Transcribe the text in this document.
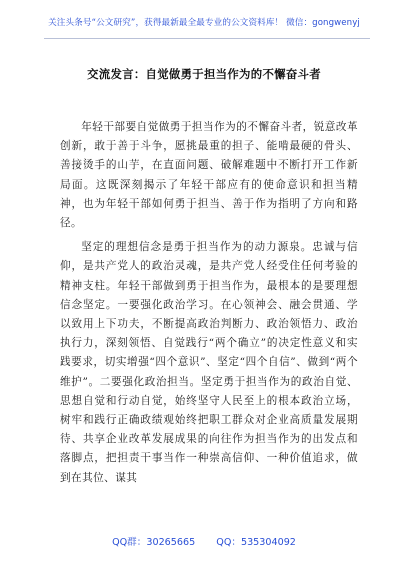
关注头条号“公文研究”，获得最新最全最专业的公文资料库！ 微信：gongwenyj
交流发言：自觉做勇于担当作为的不懈奋斗者

年轻干部要自觉做勇于担当作为的不懈奋斗者，锐意改革创新，敢于善于斗争，愿挑最重的担子、能啃最硬的骨头、善接烫手的山芋，在直面问题、破解难题中不断打开工作新局面。这既深刻揭示了年轻干部应有的使命意识和担当精神，也为年轻干部如何勇于担当、善于作为指明了方向和路径。

坚定的理想信念是勇于担当作为的动力源泉。忠诚与信仰，是共产党人的政治灵魂，是共产党人经受住任何考验的精神支柱。年轻干部做到勇于担当作为，最根本的是要理想信念坚定。一要强化政治学习。在心领神会、融会贯通、学以致用上下功夫，不断提高政治判断力、政治领悟力、政治执行力，深刻领悟、自觉践行“两个确立”的决定性意义和实践要求，切实增强“四个意识”、坚定“四个自信”、做到“两个维护”。二要强化政治担当。坚定勇于担当作为的政治自觉、思想自觉和行动自觉，始终坚守人民至上的根本政治立场，树牢和践行正确政绩观始终把职工群众对企业高质量发展期待、共享企业改革发展成果的向往作为担当作为的出发点和落脚点，把担责干事当作一种崇高信仰、一种价值追求，做到在其位、谋其

QQ群：30265665 QQ：535304092
